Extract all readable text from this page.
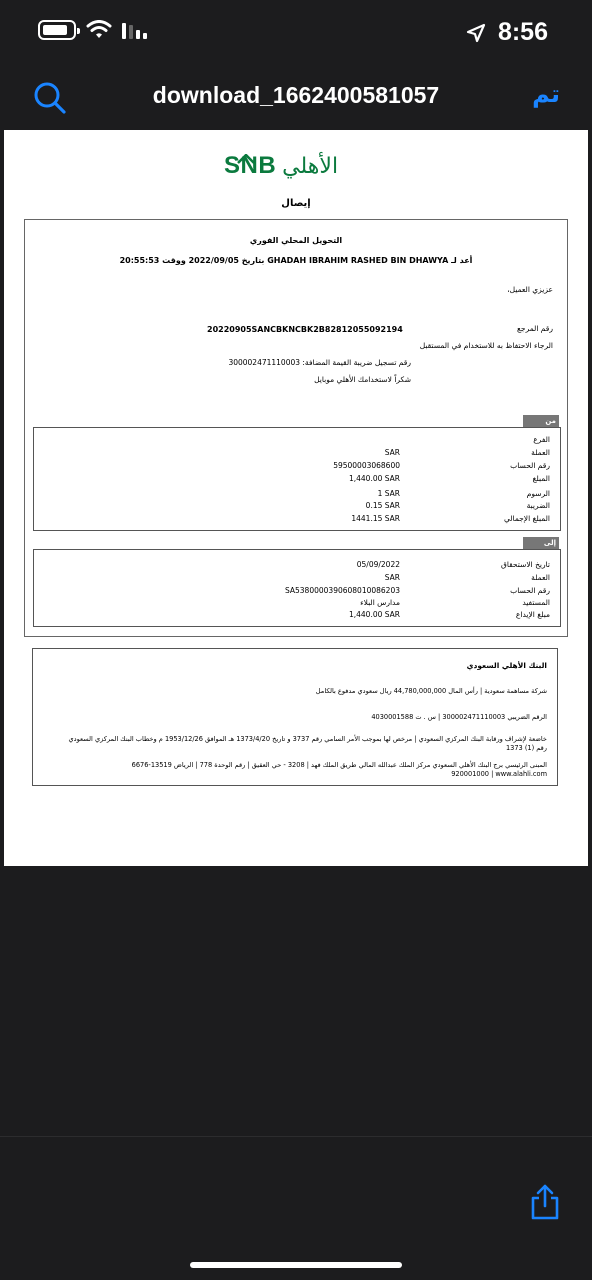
8:56
download_1662400581057	تم
SNB الأهلي
إيصال
التحويل المحلي الفوري
أعد لـ GHADAH IBRAHIM RASHED BIN DHAWYA بتاريخ 2022/09/05 ووقت 20:55:53
عزيزي العميل،
رقم المرجع
20220905SANCBKNCBK2B82812055092194
الرجاء الاحتفاظ به للاستخدام في المستقبل
رقم تسجيل ضريبة القيمة المضافة: 300002471110003
شكراً لاستخدامك الأهلي موبايل
من
الفرع
العملة
SAR
رقم الحساب
59500003068600
المبلغ
1,440.00 SAR
الرسوم
1 SAR
الضريبة
0.15 SAR
المبلغ الإجمالي
1441.15 SAR
إلى
تاريخ الاستحقاق
05/09/2022
العملة
SAR
رقم الحساب
SA5380000390608010086203
المستفيد
مدارس البلاء
مبلغ الإيداع
1,440.00 SAR
البنك الأهلي السعودي
شركة مساهمة سعودية | رأس المال 44,780,000,000 ريال سعودي مدفوع بالكامل
الرقم الضريبي 300002471110003 | س . ت 4030001588
خاضعة لإشراف ورقابة البنك المركزي السعودي | مرخص لها بموجب الأمر السامي رقم 3737 و تاريخ 1373/4/20 هـ الموافق 1953/12/26 م وخطاب البنك المركزي السعودي
رقم (1) 1373
المبنى الرئيسي برج البنك الأهلي السعودي مركز الملك عبدالله المالي طريق الملك فهد | 3208 - حي العقيق | رقم الوحدة 778 | الرياض 13519-6676
920001000 | www.alahli.com
